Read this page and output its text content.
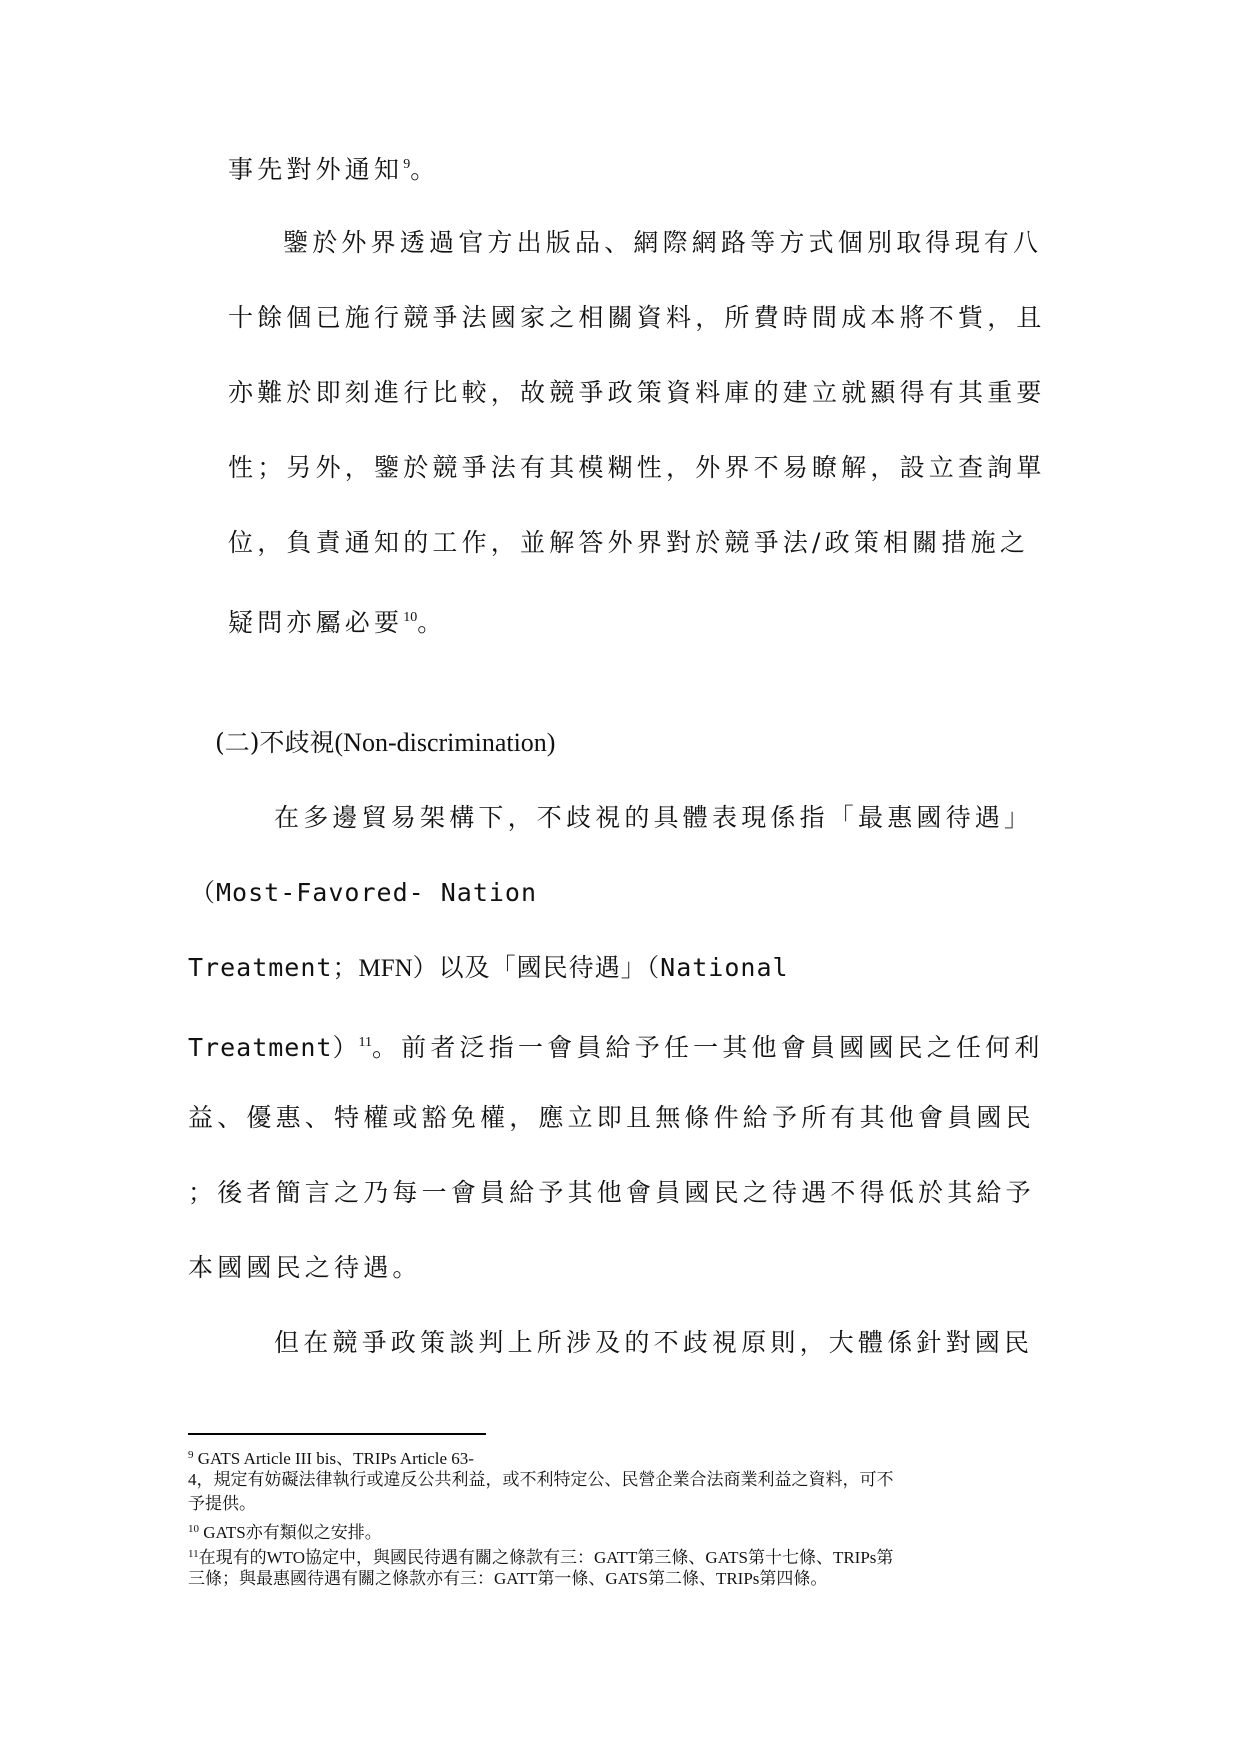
事先對外通知$^9$。
鑒於外界透過官方出版品、網際網路等方式個別取得現有八
十餘個已施行競爭法國家之相關資料，所費時間成本將不貲，且
亦難於即刻進行比較，故競爭政策資料庫的建立就顯得有其重要
性；另外，鑒於競爭法有其模糊性，外界不易瞭解，設立查詢單
位，負責通知的工作，並解答外界對於競爭法/政策相關措施之
疑問亦屬必要$^{10}$。
(二)不歧視(Non-discrimination)
在多邊貿易架構下，不歧視的具體表現係指「最惠國待遇」
（Most-Favored- Nation
Treatment；MFN）以及「國民待遇」（National
Treatment）$^{11}$。前者泛指一會員給予任一其他會員國國民之任何利
益、優惠、特權或豁免權，應立即且無條件給予所有其他會員國民
；後者簡言之乃每一會員給予其他會員國民之待遇不得低於其給予
本國國民之待遇。
但在競爭政策談判上所涉及的不歧視原則，大體係針對國民
$^9$ GATS Article III bis、TRIPs Article 63-
4，規定有妨礙法律執行或違反公共利益，或不利特定公、民營企業合法商業利益之資料，可不
予提供。
$^{10}$ GATS亦有類似之安排。
$^{11}$在現有的WTO協定中，與國民待遇有關之條款有三：GATT第三條、GATS第十七條、TRIPs第
三條；與最惠國待遇有關之條款亦有三：GATT第一條、GATS第二條、TRIPs第四條。
